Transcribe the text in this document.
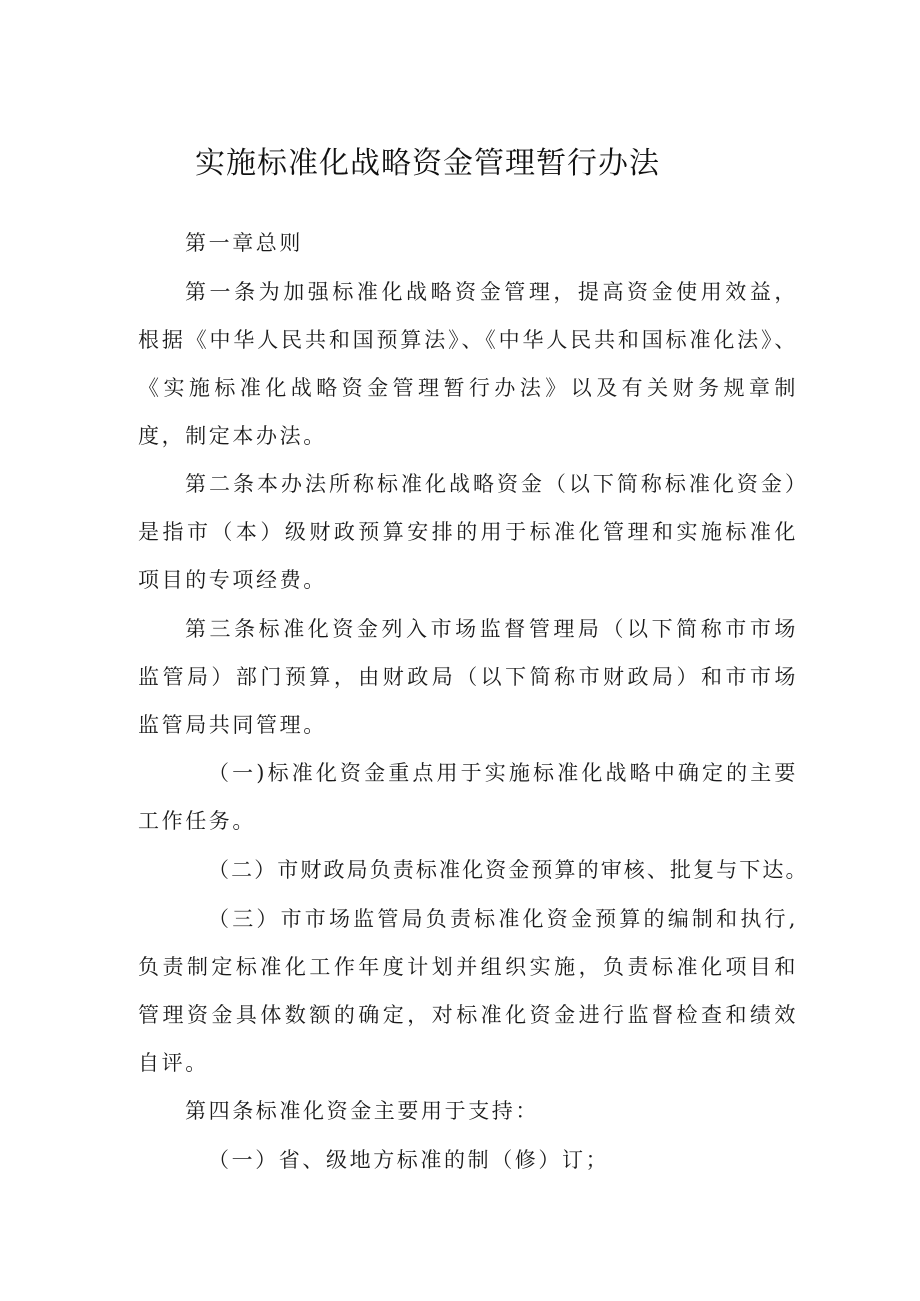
实施标准化战略资金管理暂行办法

第一章总则

第一条为加强标准化战略资金管理，提高资金使用效益，根据《中华人民共和国预算法》、《中华人民共和国标准化法》、《实施标准化战略资金管理暂行办法》以及有关财务规章制度，制定本办法。

第二条本办法所称标准化战略资金（以下简称标准化资金）是指市（本）级财政预算安排的用于标准化管理和实施标准化项目的专项经费。

第三条标准化资金列入市场监督管理局（以下简称市市场监管局）部门预算，由财政局（以下简称市财政局）和市市场监管局共同管理。

（一)标准化资金重点用于实施标准化战略中确定的主要工作任务。

（二）市财政局负责标准化资金预算的审核、批复与下达。

（三）市市场监管局负责标准化资金预算的编制和执行,负责制定标准化工作年度计划并组织实施，负责标准化项目和管理资金具体数额的确定，对标准化资金进行监督检查和绩效自评。

第四条标准化资金主要用于支持：

（一）省、级地方标准的制（修）订；
